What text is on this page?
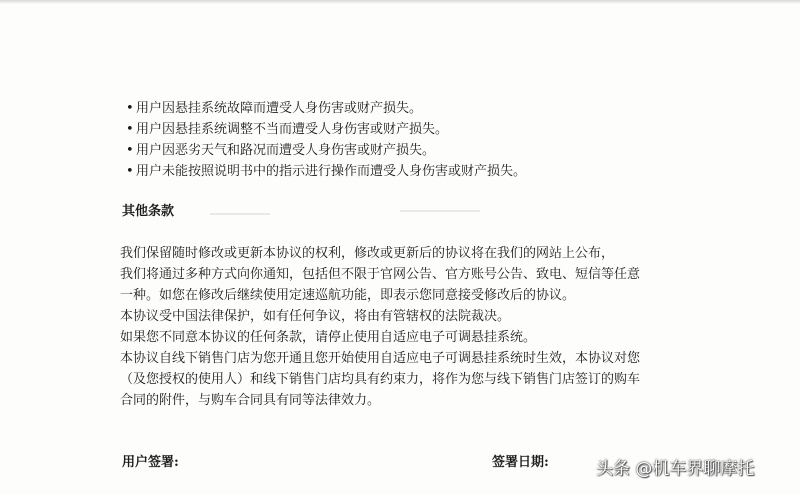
• 用户因悬挂系统故障而遭受人身伤害或财产损失。
• 用户因悬挂系统调整不当而遭受人身伤害或财产损失。
• 用户因恶劣天气和路况而遭受人身伤害或财产损失。
• 用户未能按照说明书中的指示进行操作而遭受人身伤害或财产损失。
其他条款

我们保留随时修改或更新本协议的权利，修改或更新后的协议将在我们的网站上公布，

我们将通过多种方式向你通知，包括但不限于官网公告、官方账号公告、致电、短信等任意

一种。如您在修改后继续使用定速巡航功能，即表示您同意接受修改后的协议。

本协议受中国法律保护，如有任何争议，将由有管辖权的法院裁决。

如果您不同意本协议的任何条款，请停止使用自适应电子可调悬挂系统。

本协议自线下销售门店为您开通且您开始使用自适应电子可调悬挂系统时生效，本协议对您

（及您授权的使用人）和线下销售门店均具有约束力，将作为您与线下销售门店签订的购车

合同的附件，与购车合同具有同等法律效力。

用户签署:	签署日期:	头条 @机车界聊摩托
